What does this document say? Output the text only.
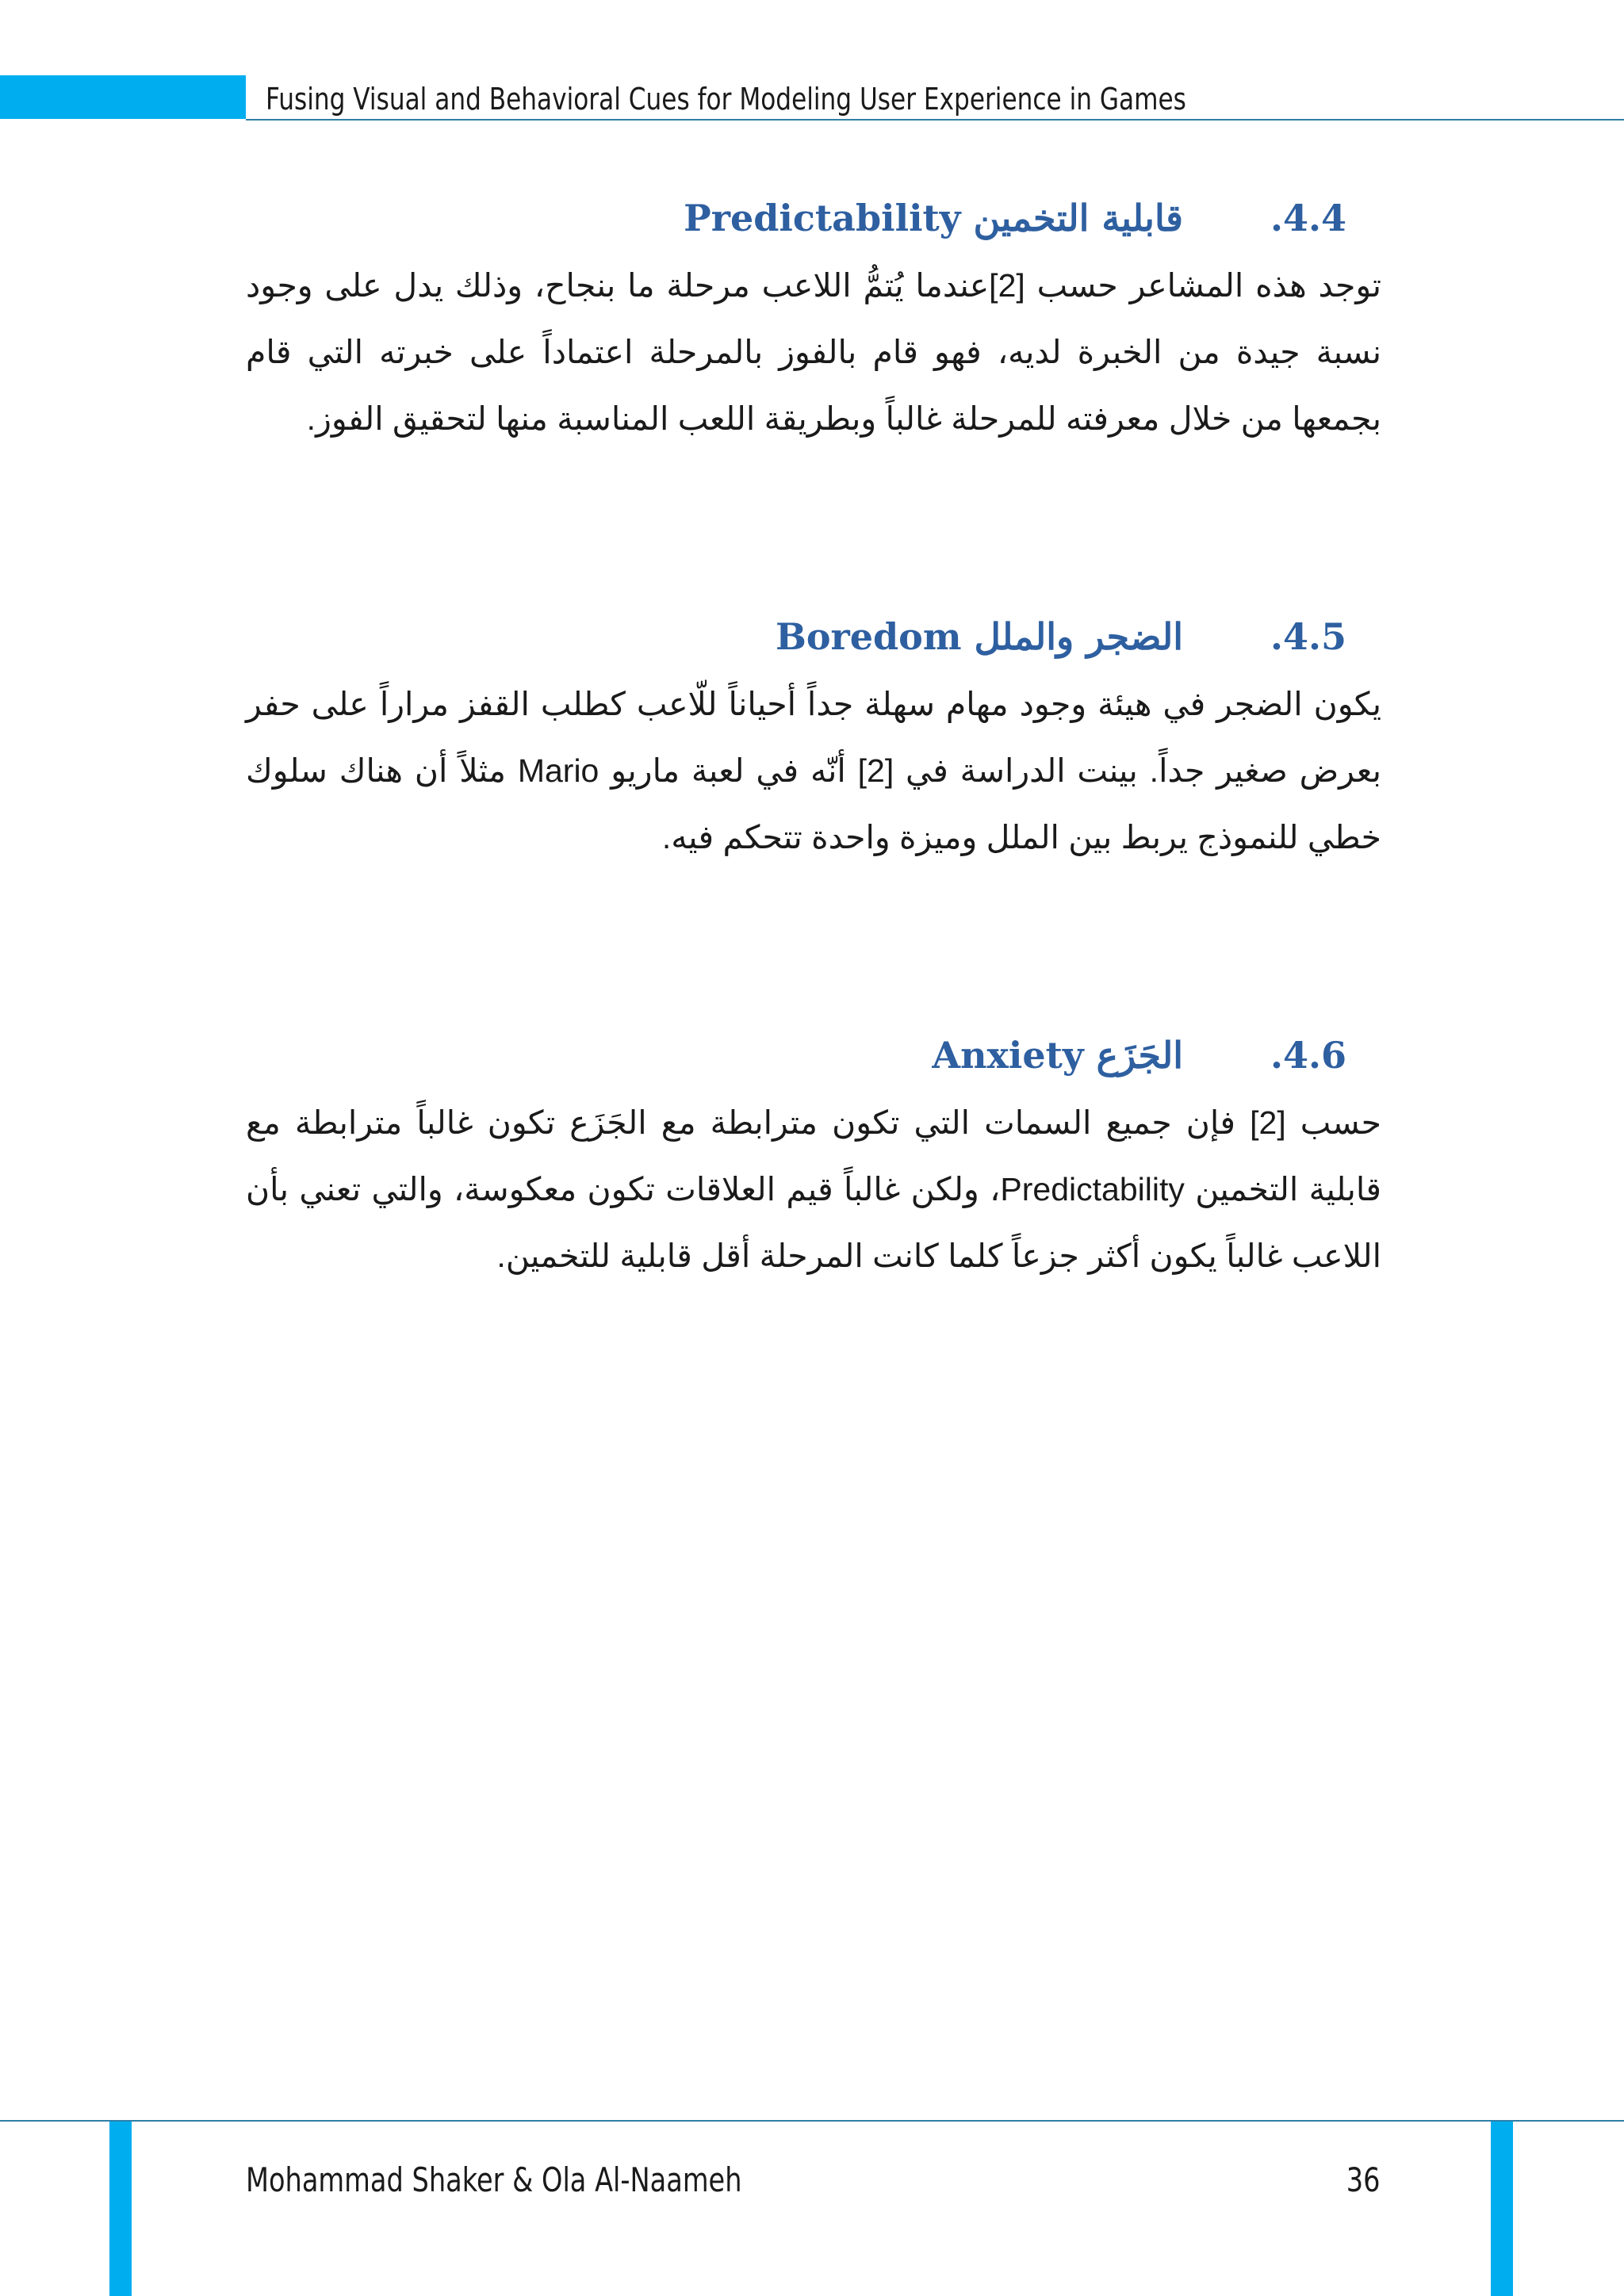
Fusing Visual and Behavioral Cues for Modeling User Experience in Games
قابلية التخمين Predictability .4.4
توجد هذه المشاعر حسب [2]عندما يُتمُّ اللاعب مرحلة ما بنجاح، وذلك يدل على وجود نسبة جيدة من الخبرة لديه، فهو قام بالفوز بالمرحلة اعتماداً على خبرته التي قام بجمعها من خلال معرفته للمرحلة غالباً وبطريقة اللعب المناسبة منها لتحقيق الفوز.
الضجر والملل Boredom .4.5
يكون الضجر في هيئة وجود مهام سهلة جداً أحياناً للّاعب كطلب القفز مراراً على حفر بعرض صغير جداً. بينت الدراسة في [2] أنّه في لعبة ماريو Mario مثلاً أن هناك سلوك خطي للنموذج يربط بين الملل وميزة واحدة تتحكم فيه.
الجَزَع Anxiety .4.6
حسب [2] فإن جميع السمات التي تكون مترابطة مع الجَزَع تكون غالباً مترابطة مع قابلية التخمين Predictability، ولكن غالباً قيم العلاقات تكون معكوسة، والتي تعني بأن اللاعب غالباً يكون أكثر جزعاً كلما كانت المرحلة أقل قابلية للتخمين.
Mohammad Shaker & Ola Al-Naameh	36
